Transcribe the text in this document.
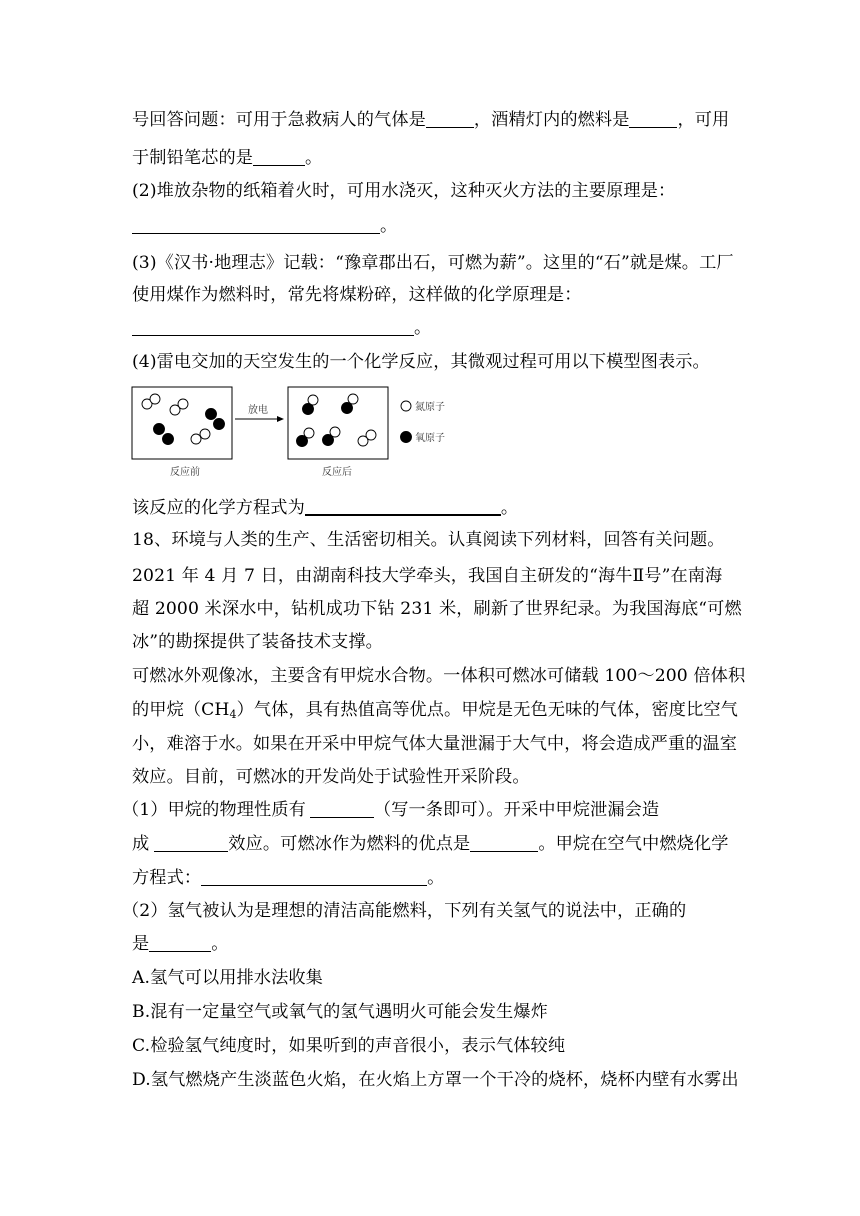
号回答问题：可用于急救病人的气体是	，酒精灯内的燃料是	，可用
于制铅笔芯的是	。
(2)堆放杂物的纸箱着火时，可用水浇灭，这种灭火方法的主要原理是：
。
(3)《汉书·地理志》记载：“豫章郡出石，可燃为薪”。这里的“石”就是煤。工厂
使用煤作为燃料时，常先将煤粉碎，这样做的化学原理是：
。
(4)雷电交加的天空发生的一个化学反应，其微观过程可用以下模型图表示。
放电
反应前	反应后
氮原子
氧原子
该反应的化学方程式为	。
18、环境与人类的生产、生活密切相关。认真阅读下列材料，回答有关问题。
2021 年 4 月 7 日，由湖南科技大学牵头，我国自主研发的“海牛Ⅱ号”在南海
超 2000 米深水中，钻机成功下钻 231 米，刷新了世界纪录。为我国海底“可燃
冰”的勘探提供了装备技术支撑。
可燃冰外观像冰，主要含有甲烷水合物。一体积可燃冰可储载 100～200 倍体积
的甲烷$(CH_4)$气体，具有热值高等优点。甲烷是无色无味的气体，密度比空气
小，难溶于水。如果在开采中甲烷气体大量泄漏于大气中，将会造成严重的温室
效应。目前，可燃冰的开发尚处于试验性开采阶段。
（1）甲烷的物理性质有	（写一条即可）。开采中甲烷泄漏会造
成	效应。可燃冰作为燃料的优点是	。甲烷在空气中燃烧化学
方程式：	。
（2）氢气被认为是理想的清洁高能燃料，下列有关氢气的说法中，正确的
是	。
A.氢气可以用排水法收集
B.混有一定量空气或氧气的氢气遇明火可能会发生爆炸
C.检验氢气纯度时，如果听到的声音很小，表示气体较纯
D.氢气燃烧产生淡蓝色火焰，在火焰上方罩一个干冷的烧杯，烧杯内壁有水雾出
